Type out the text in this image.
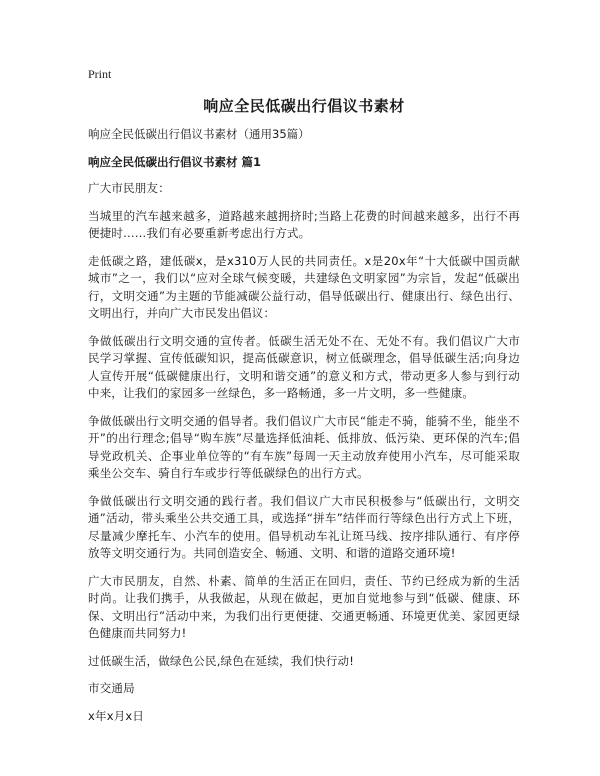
Print
响应全民低碳出行倡议书素材
响应全民低碳出行倡议书素材（通用35篇）
响应全民低碳出行倡议书素材 篇1

广大市民朋友：

当城里的汽车越来越多，道路越来越拥挤时;当路上花费的时间越来越多，出行不再便捷时……我们有必要重新考虑出行方式。

走低碳之路，建低碳x，是x310万人民的共同责任。x是20x年“十大低碳中国贡献城市”之一，我们以“应对全球气候变暖，共建绿色文明家园”为宗旨，发起“低碳出行，文明交通”为主题的节能减碳公益行动，倡导低碳出行、健康出行、绿色出行、文明出行，并向广大市民发出倡议：

争做低碳出行文明交通的宣传者。低碳生活无处不在、无处不有。我们倡议广大市民学习掌握、宣传低碳知识，提高低碳意识，树立低碳理念，倡导低碳生活;向身边人宣传开展“低碳健康出行，文明和谐交通”的意义和方式，带动更多人参与到行动中来，让我们的家园多一丝绿色，多一路畅通，多一片文明，多一些健康。

争做低碳出行文明交通的倡导者。我们倡议广大市民“能走不骑，能骑不坐，能坐不开”的出行理念;倡导“购车族”尽量选择低油耗、低排放、低污染、更环保的汽车;倡导党政机关、企事业单位等的“有车族”每周一天主动放弃使用小汽车，尽可能采取乘坐公交车、骑自行车或步行等低碳绿色的出行方式。

争做低碳出行文明交通的践行者。我们倡议广大市民积极参与“低碳出行，文明交通”活动，带头乘坐公共交通工具，或选择“拼车”结伴而行等绿色出行方式上下班，尽量减少摩托车、小汽车的使用。倡导机动车礼让斑马线、按序排队通行、有序停放等文明交通行为。共同创造安全、畅通、文明、和谐的道路交通环境!

广大市民朋友，自然、朴素、简单的生活正在回归，责任、节约已经成为新的生活时尚。让我们携手，从我做起，从现在做起，更加自觉地参与到“低碳、健康、环保、文明出行”活动中来，为我们出行更便捷、交通更畅通、环境更优美、家园更绿色健康而共同努力!

过低碳生活，做绿色公民,绿色在延续，我们快行动!

市交通局

x年x月x日
